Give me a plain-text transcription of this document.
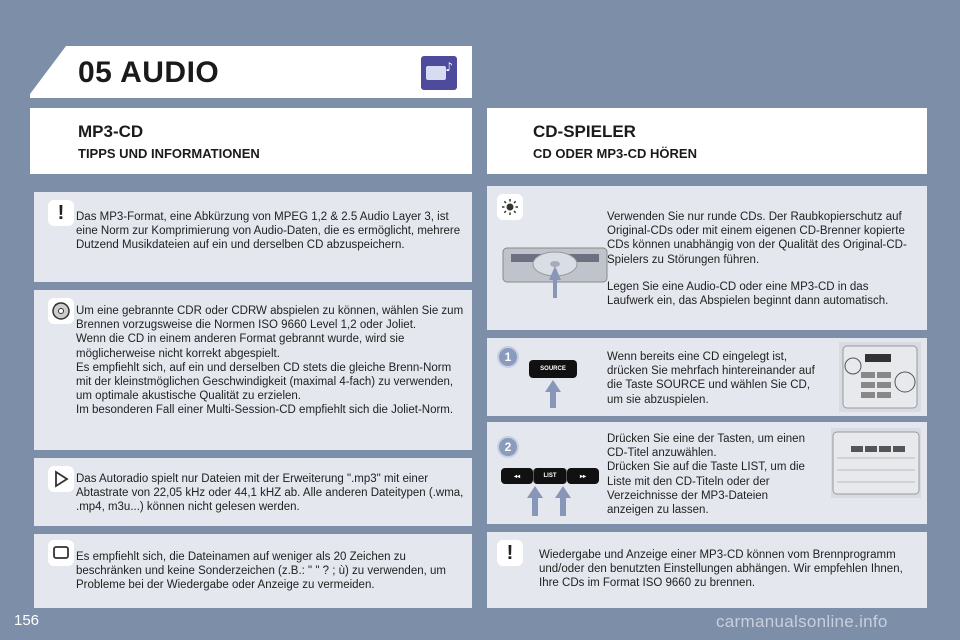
05 AUDIO	♪
MP3-CD
TIPPS UND INFORMATIONEN
CD-SPIELER
CD ODER MP3-CD HÖREN
!	Das MP3-Format, eine Abkürzung von MPEG 1,2 & 2.5 Audio Layer 3, ist eine Norm zur Komprimierung von Audio-Daten, die es ermöglicht, mehrere Dutzend Musikdateien auf ein und derselben CD abzuspeichern.
Um eine gebrannte CDR oder CDRW abspielen zu können, wählen Sie zum Brennen vorzugsweise die Normen ISO 9660 Level 1,2 oder Joliet.
Wenn die CD in einem anderen Format gebrannt wurde, wird sie möglicherweise nicht korrekt abgespielt.
Es empfiehlt sich, auf ein und derselben CD stets die gleiche Brenn-Norm mit der kleinstmöglichen Geschwindigkeit (maximal 4-fach) zu verwenden, um optimale akustische Qualität zu erzielen.
Im besonderen Fall einer Multi-Session-CD empfiehlt sich die Joliet-Norm.
Das Autoradio spielt nur Dateien mit der Erweiterung ".mp3" mit einer Abtastrate von 22,05 kHz oder 44,1 kHZ ab. Alle anderen Dateitypen (.wma, .mp4, m3u...) können nicht gelesen werden.
Es empfiehlt sich, die Dateinamen auf weniger als 20 Zeichen zu beschränken und keine Sonderzeichen (z.B.: " " ? ; ù) zu verwenden, um Probleme bei der Wiedergabe oder Anzeige zu vermeiden.
Verwenden Sie nur runde CDs. Der Raubkopierschutz auf Original-CDs oder mit einem eigenen CD-Brenner kopierte CDs können unabhängig von der Qualität des Original-CD-Spielers zu Störungen führen.
Legen Sie eine Audio-CD oder eine MP3-CD in das Laufwerk ein, das Abspielen beginnt dann automatisch.
1
SOURCE
Wenn bereits eine CD eingelegt ist, drücken Sie mehrfach hintereinander auf die Taste SOURCE und wählen Sie CD, um sie abzuspielen.
2
◂◂	LIST	▸▸
Drücken Sie eine der Tasten, um einen CD-Titel anzuwählen.
Drücken Sie auf die Taste LIST, um die Liste mit den CD-Titeln oder der Verzeichnisse der MP3-Dateien anzeigen zu lassen.
!	Wiedergabe und Anzeige einer MP3-CD können vom Brennprogramm und/oder den benutzten Einstellungen abhängen. Wir empfehlen Ihnen, Ihre CDs im Format ISO 9660 zu brennen.
156	carmanualsonline.info
